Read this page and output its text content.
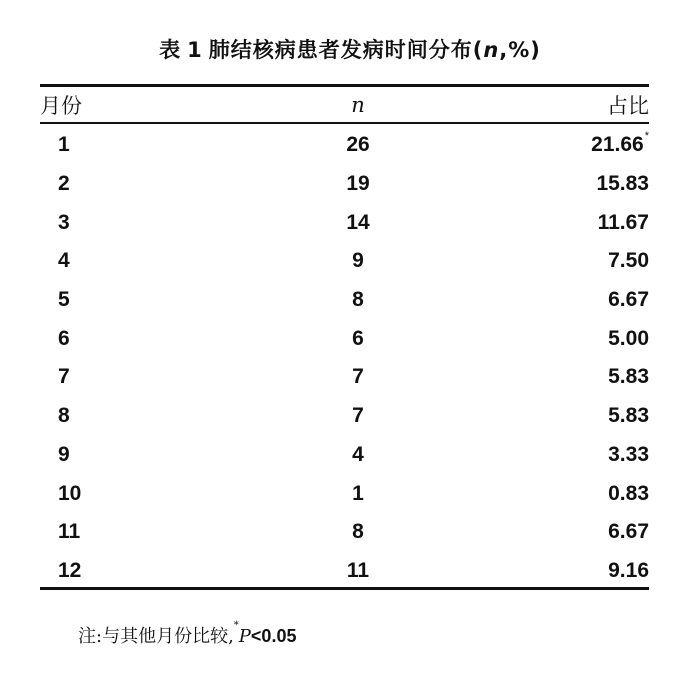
表 1 肺结核病患者发病时间分布(n,%)
月份	n	占比
1	26	21.66*
2	19	15.83
3	14	11.67
4	9	7.50
5	8	6.67
6	6	5.00
7	7	5.83
8	7	5.83
9	4	3.33
10	1	0.83
11	8	6.67
12	11	9.16
注:与其他月份比较,*P<0.05
